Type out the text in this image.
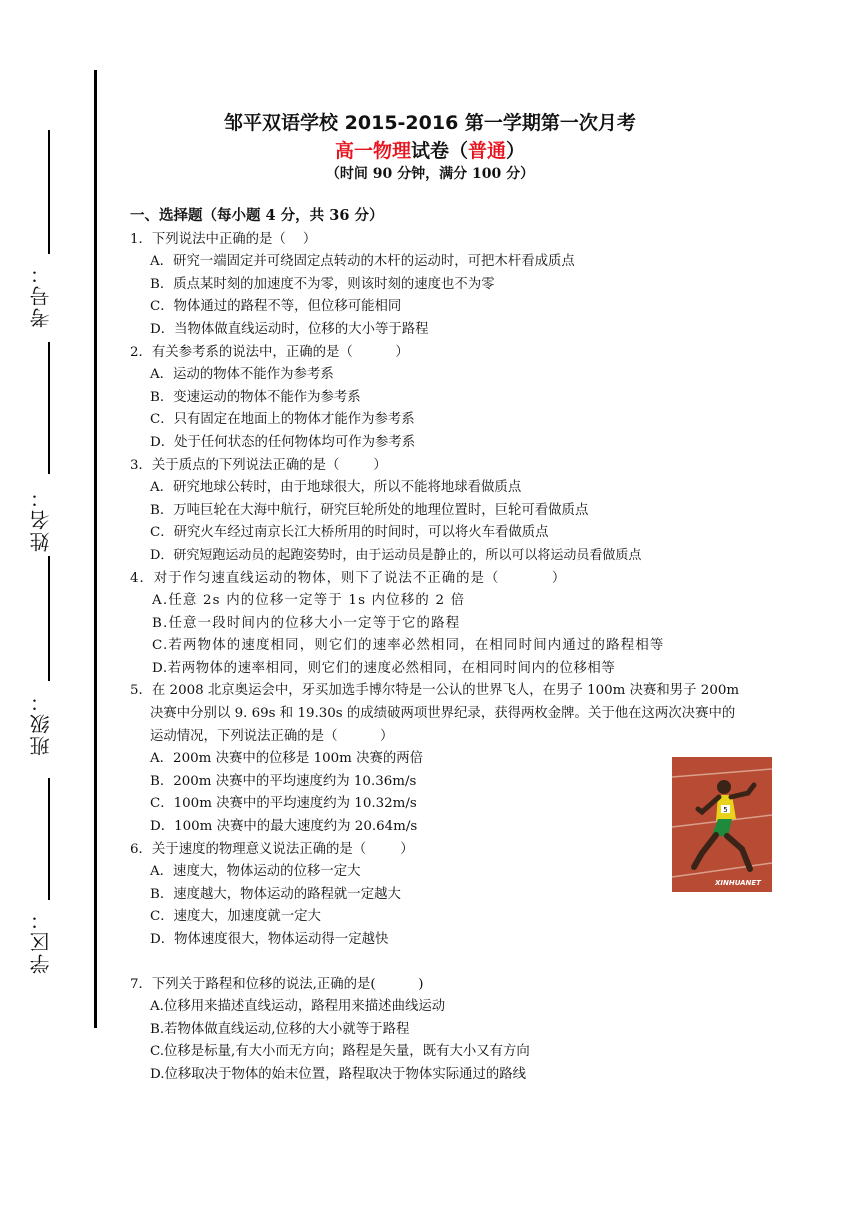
考号：
姓名：
班级：
学区：
邹平双语学校 2015-2016 第一学期第一次月考
高一物理试卷（普通）
（时间 90 分钟，满分 100 分）
一、选择题（每小题 4 分，共 36 分）
1．下列说法中正确的是（    ）
A．研究一端固定并可绕固定点转动的木杆的运动时，可把木杆看成质点
B．质点某时刻的加速度不为零，则该时刻的速度也不为零
C．物体通过的路程不等，但位移可能相同
D．当物体做直线运动时，位移的大小等于路程
2．有关参考系的说法中，正确的是（          ）
A．运动的物体不能作为参考系
B．变速运动的物体不能作为参考系
C．只有固定在地面上的物体才能作为参考系
D．处于任何状态的任何物体均可作为参考系
3．关于质点的下列说法正确的是（        ）
A．研究地球公转时，由于地球很大，所以不能将地球看做质点
B．万吨巨轮在大海中航行，研究巨轮所处的地理位置时，巨轮可看做质点
C．研究火车经过南京长江大桥所用的时间时，可以将火车看做质点
D．研究短跑运动员的起跑姿势时，由于运动员是静止的，所以可以将运动员看做质点
4．对于作匀速直线运动的物体，则下了说法不正确的是（          ）
A.任意 2s 内的位移一定等于 1s 内位移的 2 倍
B.任意一段时间内的位移大小一定等于它的路程
C.若两物体的速度相同，则它们的速率必然相同，在相同时间内通过的路程相等
D.若两物体的速率相同，则它们的速度必然相同，在相同时间内的位移相等
5．在 2008 北京奥运会中，牙买加选手博尔特是一公认的世界飞人，在男子 100m 决赛和男子 200m 决赛中分别以 9. 69s 和 19.30s 的成绩破两项世界纪录，获得两枚金牌。关于他在这两次决赛中的运动情况，下列说法正确的是（          ）
A．200m 决赛中的位移是 100m 决赛的两倍
B．200m 决赛中的平均速度约为 10.36m/s
C．100m 决赛中的平均速度约为 10.32m/s
D．100m 决赛中的最大速度约为 20.64m/s
6．关于速度的物理意义说法正确的是（        ）
A．速度大，物体运动的位移一定大
B．速度越大，物体运动的路程就一定越大
C．速度大，加速度就一定大
D．物体速度很大，物体运动得一定越快
7．下列关于路程和位移的说法,正确的是(          )
A.位移用来描述直线运动，路程用来描述曲线运动
B.若物体做直线运动,位移的大小就等于路程
C.位移是标量,有大小而无方向；路程是矢量，既有大小又有方向
D.位移取决于物体的始末位置，路程取决于物体实际通过的路线
5
XINHUANET
